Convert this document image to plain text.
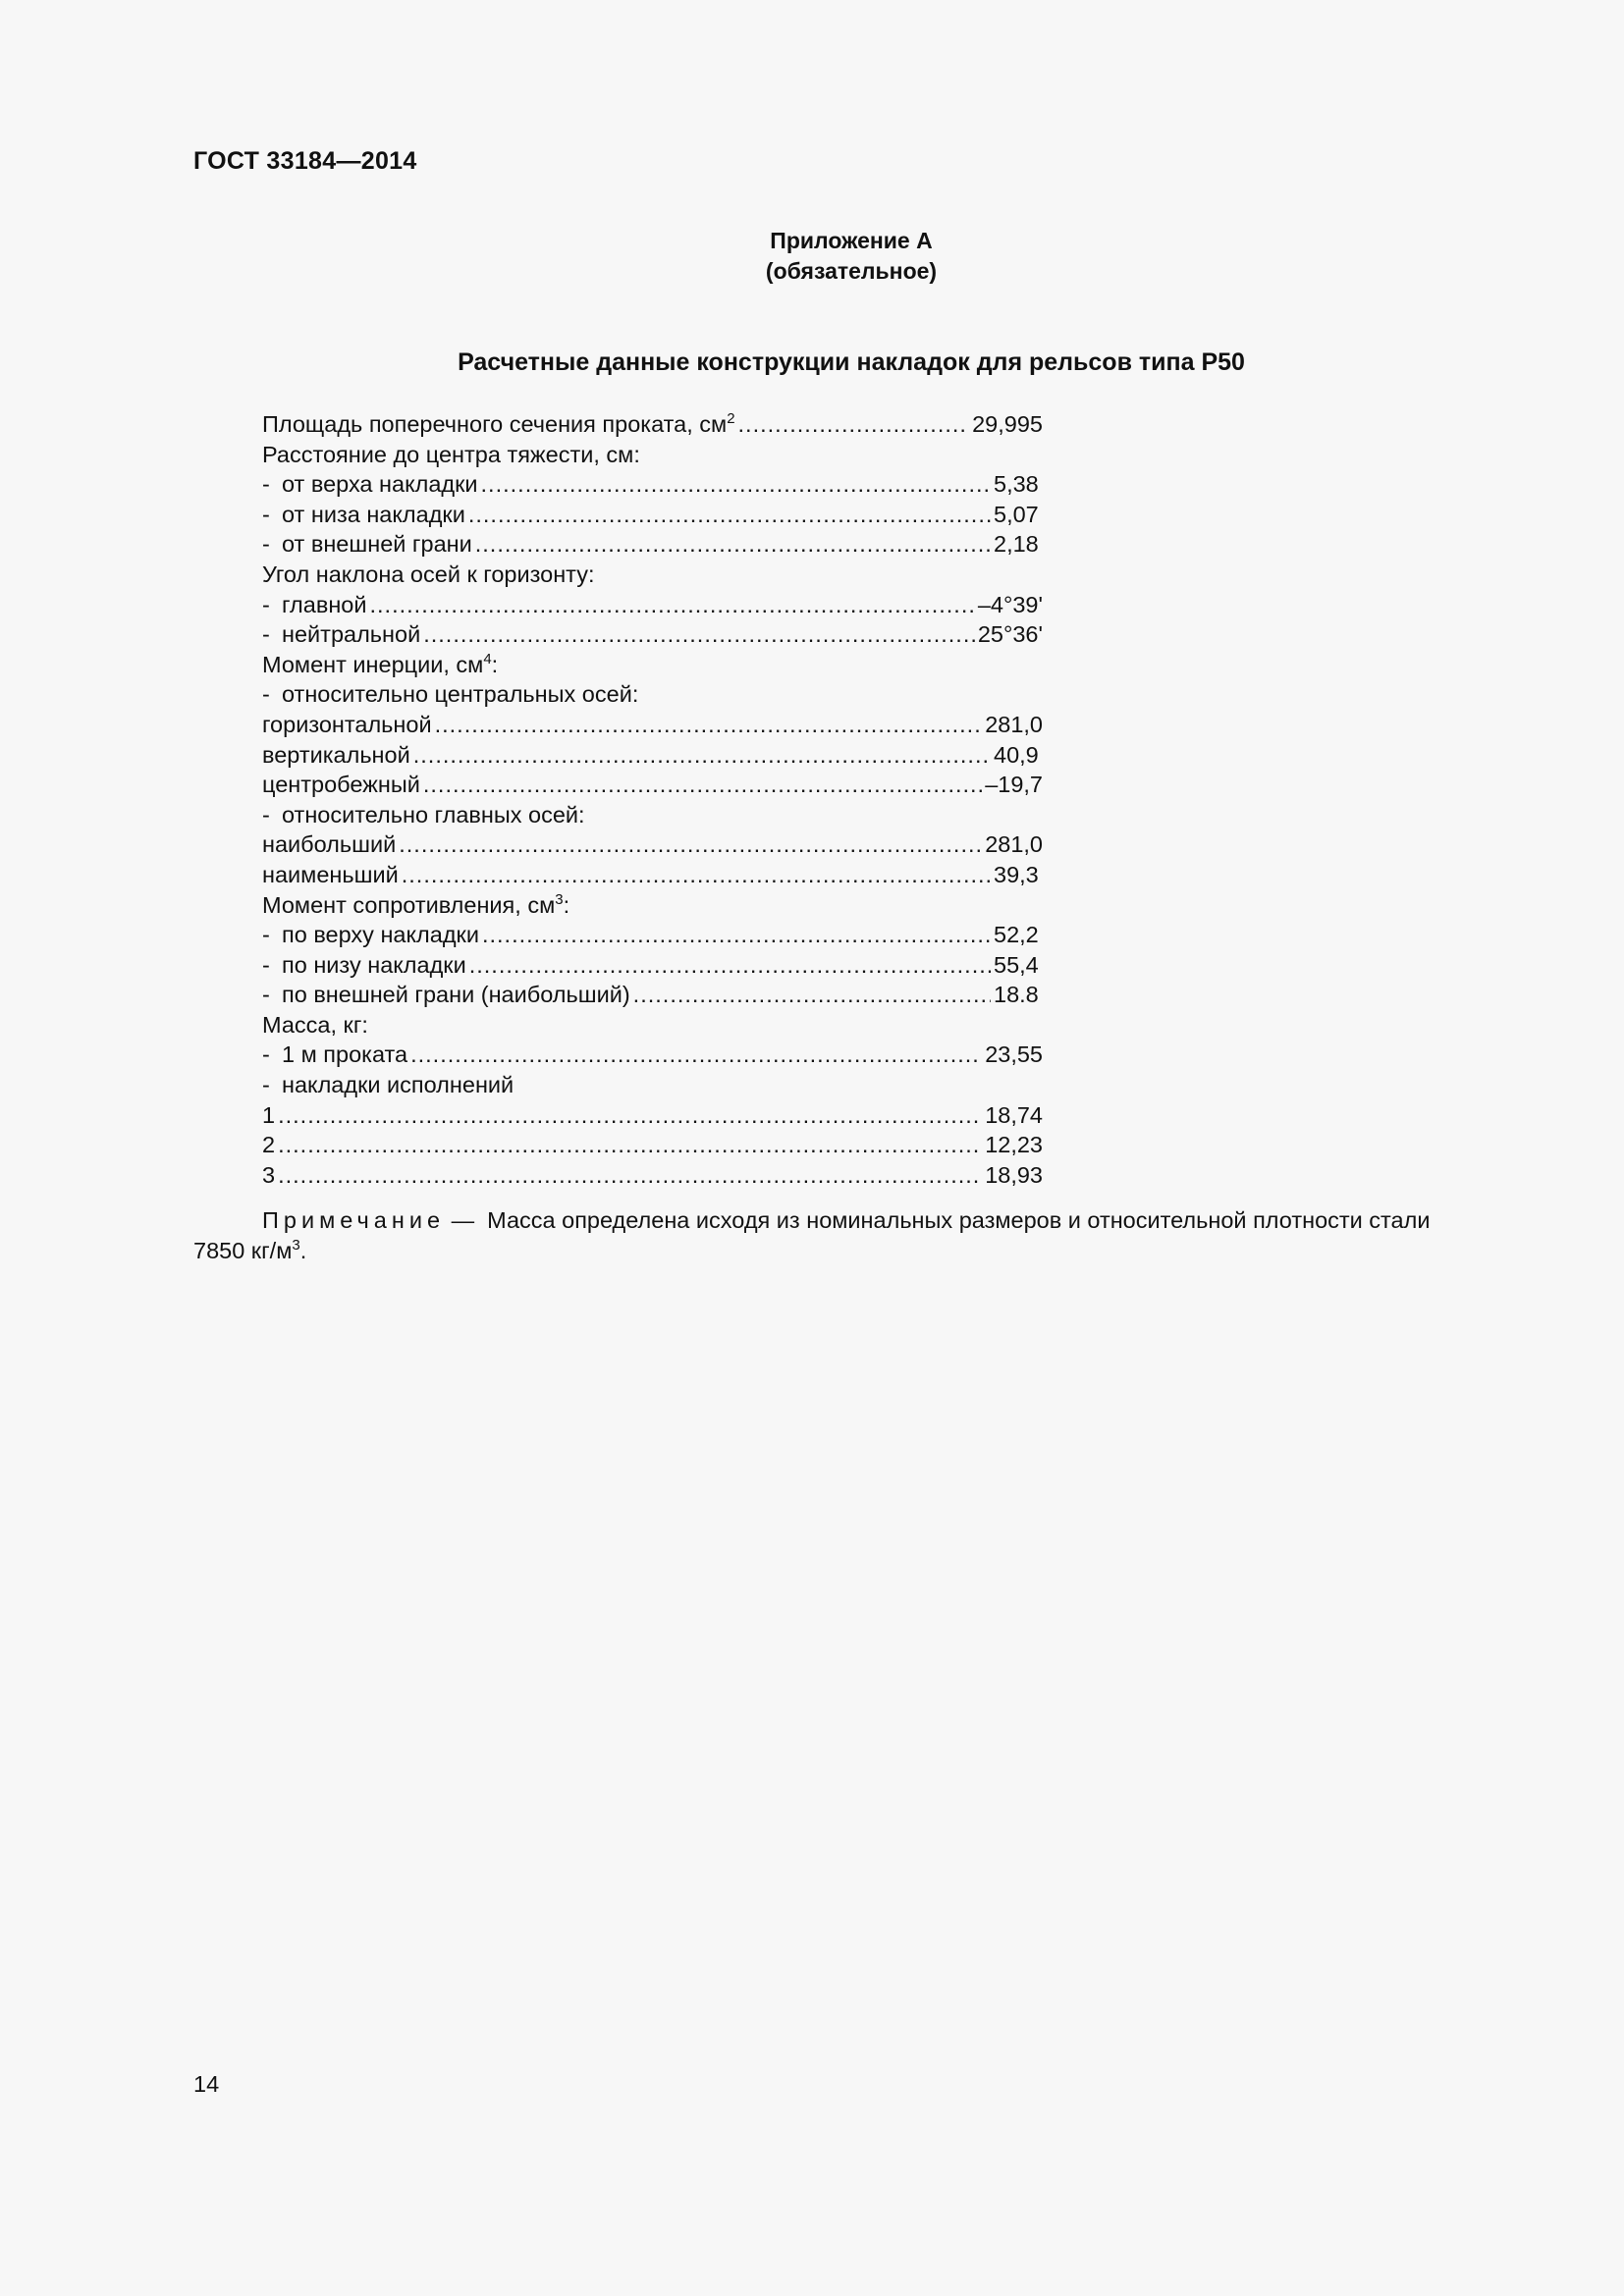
ГОСТ 33184—2014
Приложение А
(обязательное)
Расчетные данные конструкции накладок для рельсов типа Р50
Площадь поперечного сечения проката, $см^2$ .....	29,995
Расстояние до центра тяжести, см:
- от верха накладки .....	5,38
- от низа накладки .....	5,07
- от внешней грани .....	2,18
Угол наклона осей к горизонту:
- главной .....	–4°39'
- нейтральной .....	25°36'
Момент инерции, $см^4$:
- относительно центральных осей:
горизонтальной .....	281,0
вертикальной .....	40,9
центробежный .....	–19,7
- относительно главных осей:
наибольший .....	281,0
наименьший .....	39,3
Момент сопротивления, $см^3$:
- по верху накладки .....	52,2
- по низу накладки .....	55,4
- по внешней грани (наибольший) .....	18.8
Масса, кг:
- 1 м проката .....	23,55
- накладки исполнений
1 .....	18,74
2 .....	12,23
3 .....	18,93
Примечание — Масса определена исходя из номинальных размеров и относительной плотности стали
7850 $кг/м^3$.
14
